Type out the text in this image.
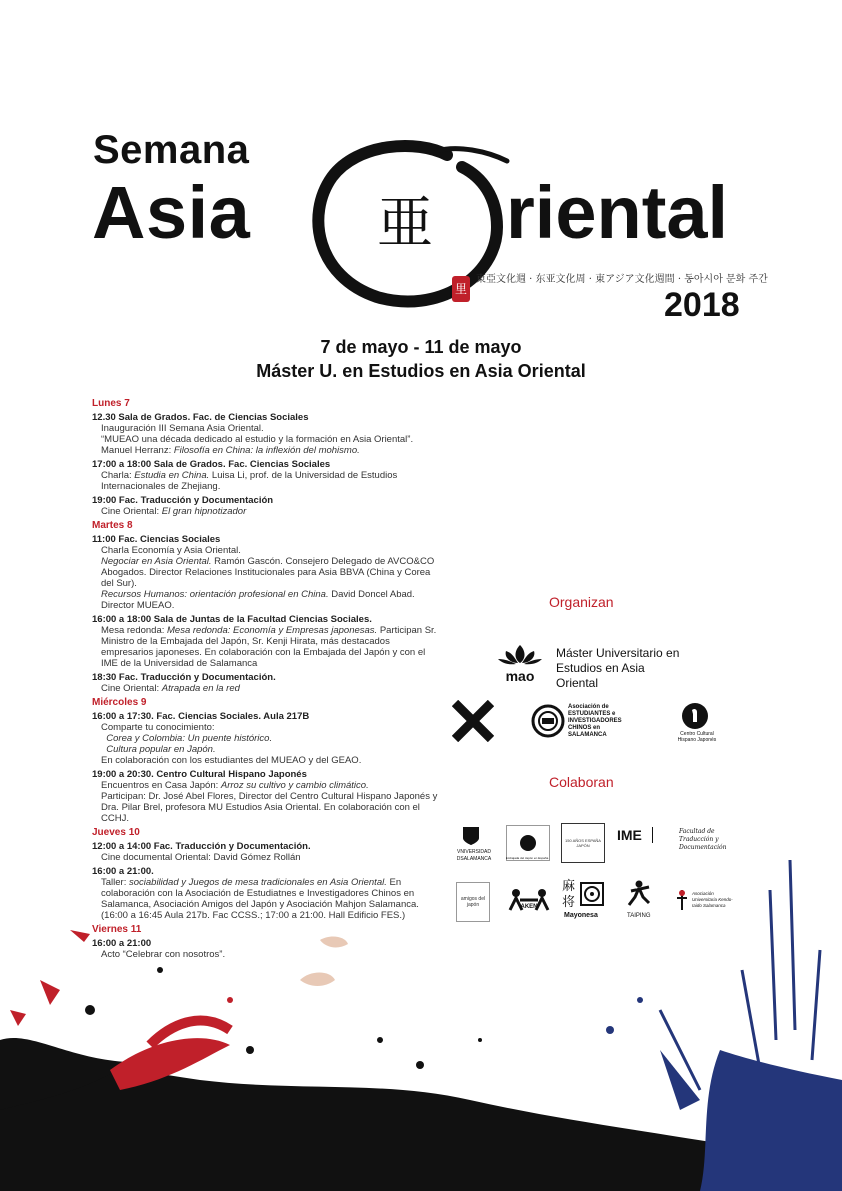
Semana
Asia 亜 riental
里
東亞文化週 · 东亚文化周 · 東アジア文化週間 · 동아시아 문화 주간
2018
7 de mayo - 11 de mayo
Máster U. en Estudios en Asia Oriental
Lunes 7
12.30 Sala de Grados. Fac. de Ciencias Sociales
Inauguración III Semana Asia Oriental.
“MUEAO una década dedicado al estudio y la formación en Asia Oriental”.
Manuel Herranz: Filosofía en China: la inflexión del mohismo.
17:00 a 18:00 Sala de Grados. Fac. Ciencias Sociales
Charla: Estudia en China. Luisa Li, prof. de la Universidad de Estudios Internacionales de Zhejiang.
19:00 Fac. Traducción y Documentación
Cine Oriental: El gran hipnotizador
Martes 8
11:00 Fac. Ciencias Sociales
Charla Economía y Asia Oriental.
Negociar en Asia Oriental. Ramón Gascón. Consejero Delegado de AVCO&CO Abogados. Director Relaciones Institucionales para Asia BBVA (China y Corea del Sur).
Recursos Humanos: orientación profesional en China. David Doncel Abad. Director MUEAO.
16:00 a 18:00 Sala de Juntas de la Facultad Ciencias Sociales.
Mesa redonda: Mesa redonda: Economía y Empresas japonesas. Participan Sr. Ministro de la Embajada del Japón, Sr. Kenji Hirata, más destacados empresarios japoneses. En colaboración con la Embajada del Japón y con el IME de la Universidad de Salamanca
18:30 Fac. Traducción y Documentación.
Cine Oriental: Atrapada en la red
Miércoles 9
16:00 a 17:30. Fac. Ciencias Sociales. Aula 217B
Comparte tu conocimiento:
Corea y Colombia: Un puente histórico.
Cultura popular en Japón.
En colaboración con los estudiantes del MUEAO y del GEAO.
19:00 a 20:30. Centro Cultural Hispano Japonés
Encuentros en Casa Japón: Arroz su cultivo y cambio climático.
Participan: Dr. José Abel Flores, Director del Centro Cultural Hispano Japonés y Dra. Pilar Brel, profesora MU Estudios Asia Oriental. En colaboración con el CCHJ.
Jueves 10
12:00 a 14:00 Fac. Traducción y Documentación.
Cine documental Oriental: David Gómez Rollán
16:00 a 21:00.
Taller: sociabilidad y Juegos de mesa tradicionales en Asia Oriental. En colaboración con la Asociación de Estudiatnes e Investigadores Chinos en Salamanca, Asociación Amigos del Japón y Asociación Mahjon Salamanca. (16:00 a 16:45 Aula 217b. Fac CCSS.; 17:00 a 21:00. Hall Edificio FES.)
Viernes 11
16:00 a 21:00
Acto “Celebrar con nosotros”.
Organizan
mao
Máster Universitario en Estudios en Asia Oriental
Asociación de ESTUDIANTES e INVESTIGADORES CHINOS en SALAMANCA	Centro Cultural Hispano Japonés
Colaboran
VNIVERSIDAD DSALAMANCA	Embajada del Japón en España
150 AÑOS ESPAÑA JAPÓN
IME	Facultad de Traducción y Documentación
amigos del japón	AKEN
麻 将
Mayonesa	TAIPING
Asociación Universitaria Kendo-Iaido Salamanca
